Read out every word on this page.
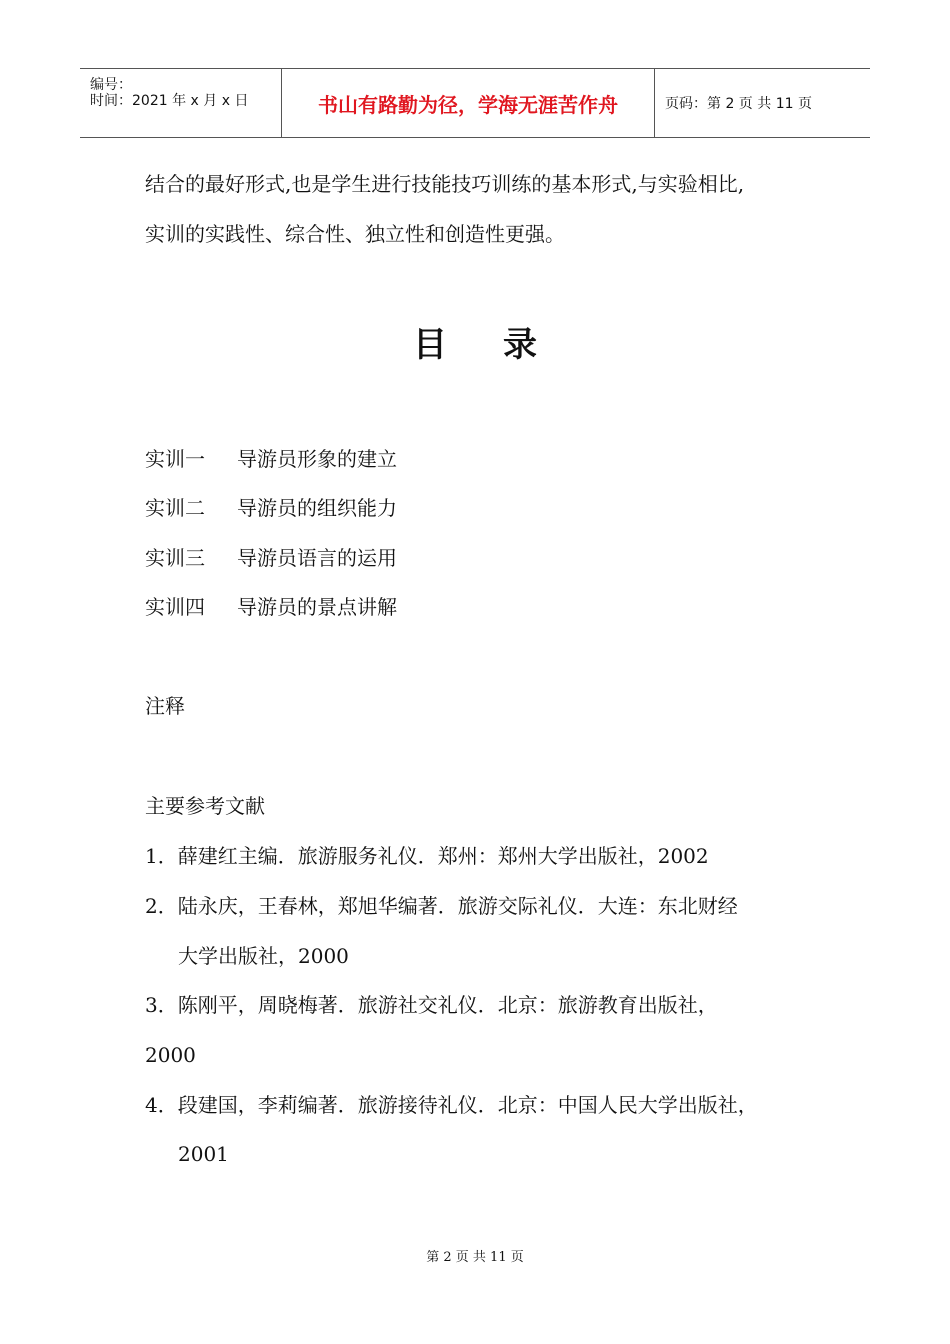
编号：
时间：2021 年 x 月 x 日	书山有路勤为径，学海无涯苦作舟	页码：第 2 页 共 11 页
结合的最好形式,也是学生进行技能技巧训练的基本形式,与实验相比,
实训的实践性、综合性、独立性和创造性更强。
目 录
实训一 导游员形象的建立
实训二 导游员的组织能力
实训三 导游员语言的运用
实训四 导游员的景点讲解
注释
主要参考文献
1．薛建红主编．旅游服务礼仪．郑州：郑州大学出版社，2002
2．陆永庆，王春林，郑旭华编著．旅游交际礼仪．大连：东北财经
大学出版社，2000
3．陈刚平，周晓梅著．旅游社交礼仪．北京：旅游教育出版社，
2000
4．段建国，李莉编著．旅游接待礼仪．北京：中国人民大学出版社，
2001
第 2 页 共 11 页
